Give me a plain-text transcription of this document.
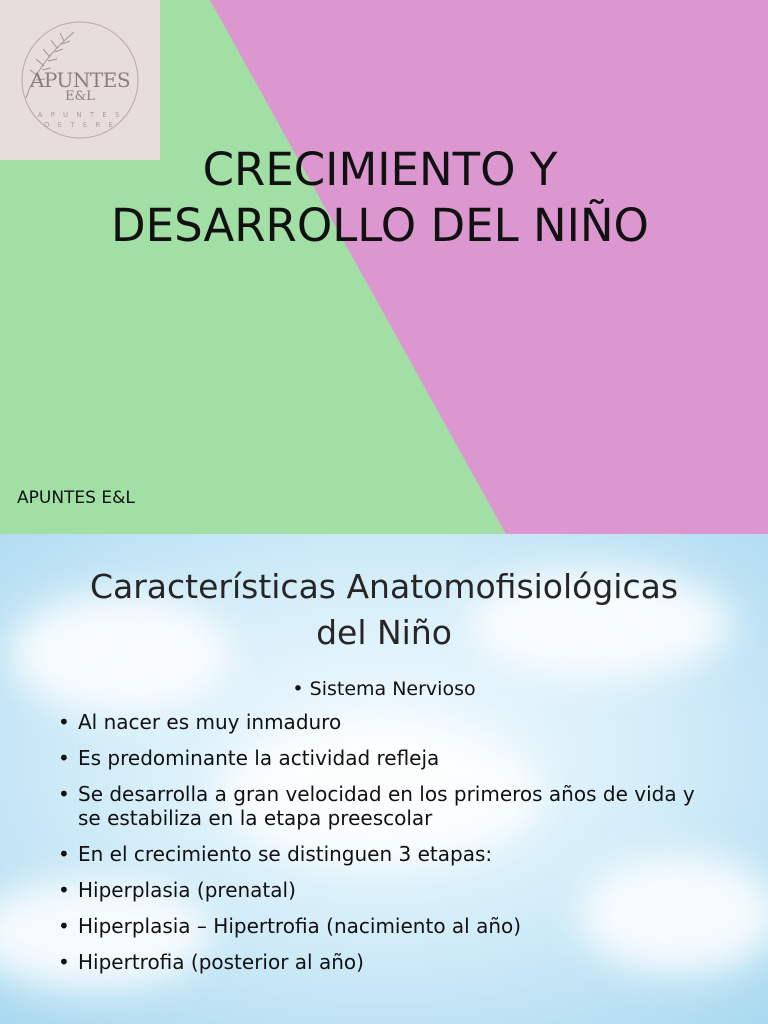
APUNTES
E&L
A P U N T E S
D E T E R E
CRECIMIENTO Y
DESARROLLO DEL NIÑO
APUNTES E&L
Características Anatomofisiológicas
del Niño
• Sistema Nervioso
• Al nacer es muy inmaduro
• Es predominante la actividad refleja
• Se desarrolla a gran velocidad en los primeros años de vida y se estabiliza en la etapa preescolar
• En el crecimiento se distinguen 3 etapas:
• Hiperplasia (prenatal)
• Hiperplasia – Hipertrofia (nacimiento al año)
• Hipertrofia (posterior al año)
